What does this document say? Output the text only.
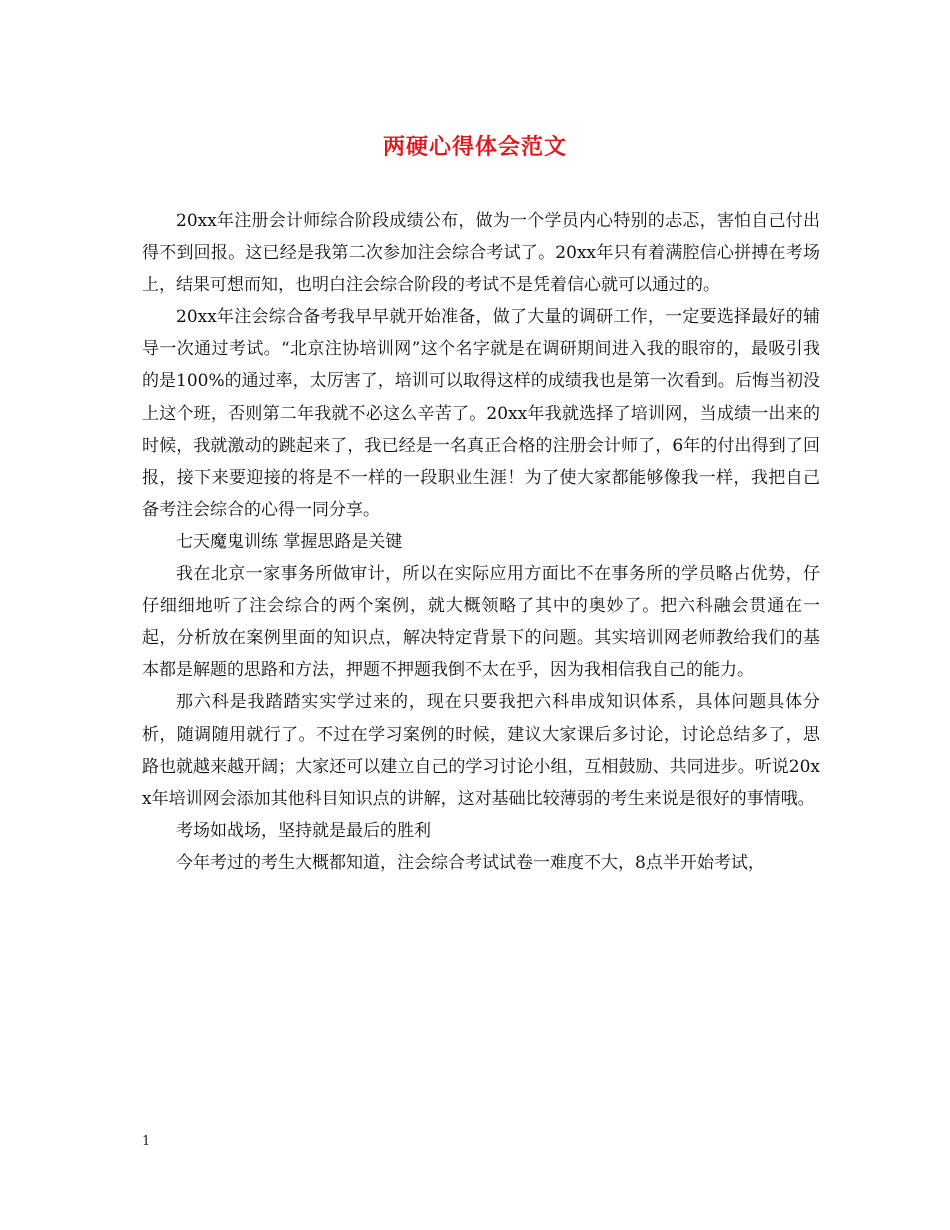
两硬心得体会范文

20xx年注册会计师综合阶段成绩公布，做为一个学员内心特别的忐忑，害怕自己付出得不到回报。这已经是我第二次参加注会综合考试了。20xx年只有着满腔信心拼搏在考场上，结果可想而知，也明白注会综合阶段的考试不是凭着信心就可以通过的。

20xx年注会综合备考我早早就开始准备，做了大量的调研工作，一定要选择最好的辅导一次通过考试。“北京注协培训网”这个名字就是在调研期间进入我的眼帘的，最吸引我的是100%的通过率，太厉害了，培训可以取得这样的成绩我也是第一次看到。后悔当初没上这个班，否则第二年我就不必这么辛苦了。20xx年我就选择了培训网，当成绩一出来的时候，我就激动的跳起来了，我已经是一名真正合格的注册会计师了，6年的付出得到了回报，接下来要迎接的将是不一样的一段职业生涯！为了使大家都能够像我一样，我把自己备考注会综合的心得一同分享。

七天魔鬼训练 掌握思路是关键

我在北京一家事务所做审计，所以在实际应用方面比不在事务所的学员略占优势，仔仔细细地听了注会综合的两个案例，就大概领略了其中的奥妙了。把六科融会贯通在一起，分析放在案例里面的知识点，解决特定背景下的问题。其实培训网老师教给我们的基本都是解题的思路和方法，押题不押题我倒不太在乎，因为我相信我自己的能力。

那六科是我踏踏实实学过来的，现在只要我把六科串成知识体系，具体问题具体分析，随调随用就行了。不过在学习案例的时候，建议大家课后多讨论，讨论总结多了，思路也就越来越开阔；大家还可以建立自己的学习讨论小组，互相鼓励、共同进步。听说20xx年培训网会添加其他科目知识点的讲解，这对基础比较薄弱的考生来说是很好的事情哦。

考场如战场，坚持就是最后的胜利

今年考过的考生大概都知道，注会综合考试试卷一难度不大，8点半开始考试，

1
